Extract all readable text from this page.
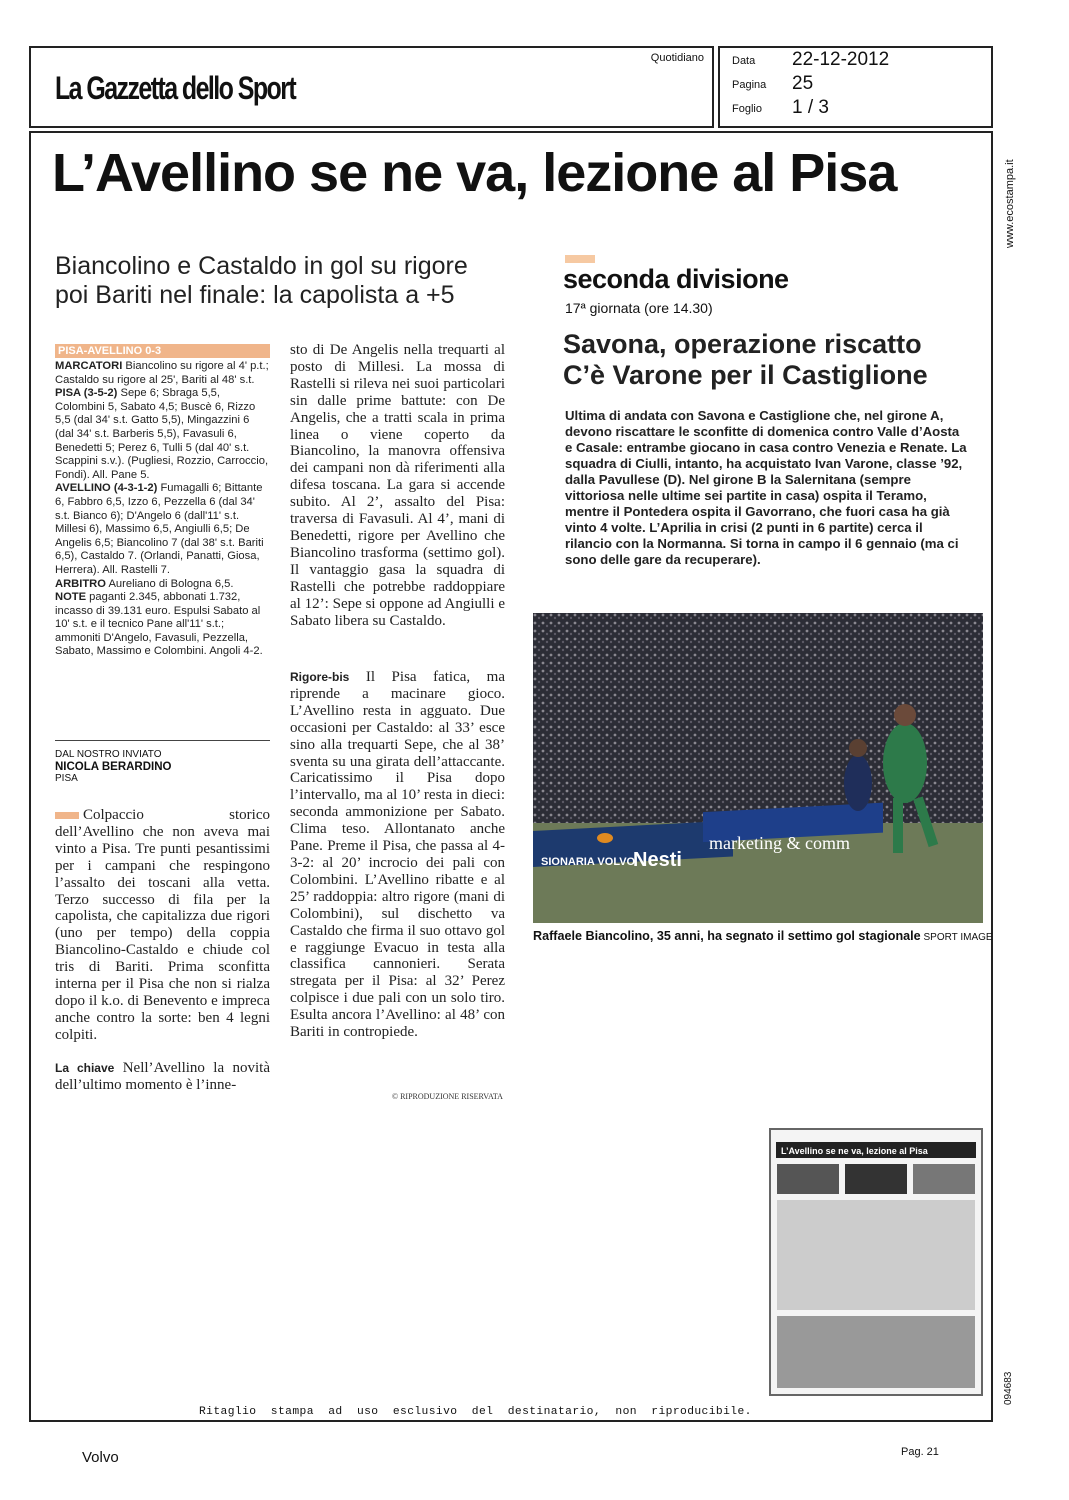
La Gazzetta dello Sport
Quotidiano	Data 22-12-2012
Pagina 25
Foglio 1 / 3
L’Avellino se ne va, lezione al Pisa
Biancolino e Castaldo in gol su rigore
poi Bariti nel finale: la capolista a +5
PISA-AVELLINO 0-3
MARCATORI Biancolino su rigore al 4' p.t.; Castaldo su rigore al 25', Bariti al 48' s.t.
PISA (3-5-2) Sepe 6; Sbraga 5,5, Colombini 5, Sabato 4,5; Buscè 6, Rizzo 5,5 (dal 34' s.t. Gatto 5,5), Mingazzini 6 (dal 34' s.t. Barberis 5,5), Favasuli 6, Benedetti 5; Perez 6, Tulli 5 (dal 40' s.t. Scappini s.v.). (Pugliesi, Rozzio, Carroccio, Fondi). All. Pane 5.
AVELLINO (4-3-1-2) Fumagalli 6; Bittante 6, Fabbro 6,5, Izzo 6, Pezzella 6 (dal 34' s.t. Bianco 6); D'Angelo 6 (dall'11' s.t. Millesi 6), Massimo 6,5, Angiulli 6,5; De Angelis 6,5; Biancolino 7 (dal 38' s.t. Bariti 6,5), Castaldo 7. (Orlandi, Panatti, Giosa, Herrera). All. Rastelli 7.
ARBITRO Aureliano di Bologna 6,5.
NOTE paganti 2.345, abbonati 1.732, incasso di 39.131 euro. Espulsi Sabato al 10' s.t. e il tecnico Pane all'11' s.t.; ammoniti D'Angelo, Favasuli, Pezzella, Sabato, Massimo e Colombini. Angoli 4-2.
DAL NOSTRO INVIATO
NICOLA BERARDINO
PISA

Colpaccio storico dell’Avellino che non aveva mai vinto a Pisa. Tre punti pesantissimi per i campani che respingono l’assalto dei toscani alla vetta. Terzo successo di fila per la capolista, che capitalizza due rigori (uno per tempo) della coppia Biancolino-Castaldo e chiude col tris di Bariti. Prima sconfitta interna per il Pisa che non si rialza dopo il k.o. di Benevento e impreca anche contro la sorte: ben 4 legni colpiti.

La chiave Nell’Avellino la novità dell’ultimo momento è l’inne-

sto di De Angelis nella trequarti al posto di Millesi. La mossa di Rastelli si rileva nei suoi particolari sin dalle prime battute: con De Angelis, che a tratti scala in prima linea o viene coperto da Biancolino, la manovra offensiva dei campani non dà riferimenti alla difesa toscana. La gara si accende subito. Al 2’, assalto del Pisa: traversa di Favasuli. Al 4’, mani di Benedetti, rigore per Avellino che Biancolino trasforma (settimo gol). Il vantaggio gasa la squadra di Rastelli che potrebbe raddoppiare al 12’: Sepe si oppone ad Angiulli e Sabato libera su Castaldo.
Rigore-bis Il Pisa fatica, ma riprende a macinare gioco. L’Avellino resta in agguato. Due occasioni per Castaldo: al 33’ esce sino alla trequarti Sepe, che al 38’ sventa su una girata dell’attaccante. Caricatissimo il Pisa dopo l’intervallo, ma al 10’ resta in dieci: seconda ammonizione per Sabato. Clima teso. Allontanato anche Pane. Preme il Pisa, che passa al 4-3-2: al 20’ incrocio dei pali con Colombini. L’Avellino ribatte e al 25’ raddoppia: altro rigore (mani di Colombini), sul dischetto va Castaldo che firma il suo ottavo gol e raggiunge Evacuo in testa alla classifica cannonieri. Serata stregata per il Pisa: al 32’ Perez colpisce i due pali con un solo tiro. Esulta ancora l’Avellino: al 48’ con Bariti in contropiede.
© RIPRODUZIONE RISERVATA
seconda divisione
17ª giornata (ore 14.30)
Savona, operazione riscatto
C’è Varone per il Castiglione
Ultima di andata con Savona e Castiglione che, nel girone A, devono riscattare le sconfitte di domenica contro Valle d’Aosta e Casale: entrambe giocano in casa contro Venezia e Renate. La squadra di Ciulli, intanto, ha acquistato Ivan Varone, classe ’92, dalla Pavullese (D). Nel girone B la Salernitana (sempre vittoriosa nelle ultime sei partite in casa) ospita il Teramo, mentre il Pontedera ospita il Gavorrano, che fuori casa ha già vinto 4 volte. L’Aprilia in crisi (2 punti in 6 partite) cerca il rilancio con la Normanna. Si torna in campo il 6 gennaio (ma ci sono delle gare da recuperare).
SIONARIA VOLVO
Nesti
marketing & comm
Raffaele Biancolino, 35 anni, ha segnato il settimo gol stagionale SPORT IMAGE
L’Avellino se ne va, lezione al Pisa
www.ecostampa.it
094683
Ritaglio  stampa  ad  uso  esclusivo  del  destinatario,  non  riproducibile.
Volvo	Pag. 21
